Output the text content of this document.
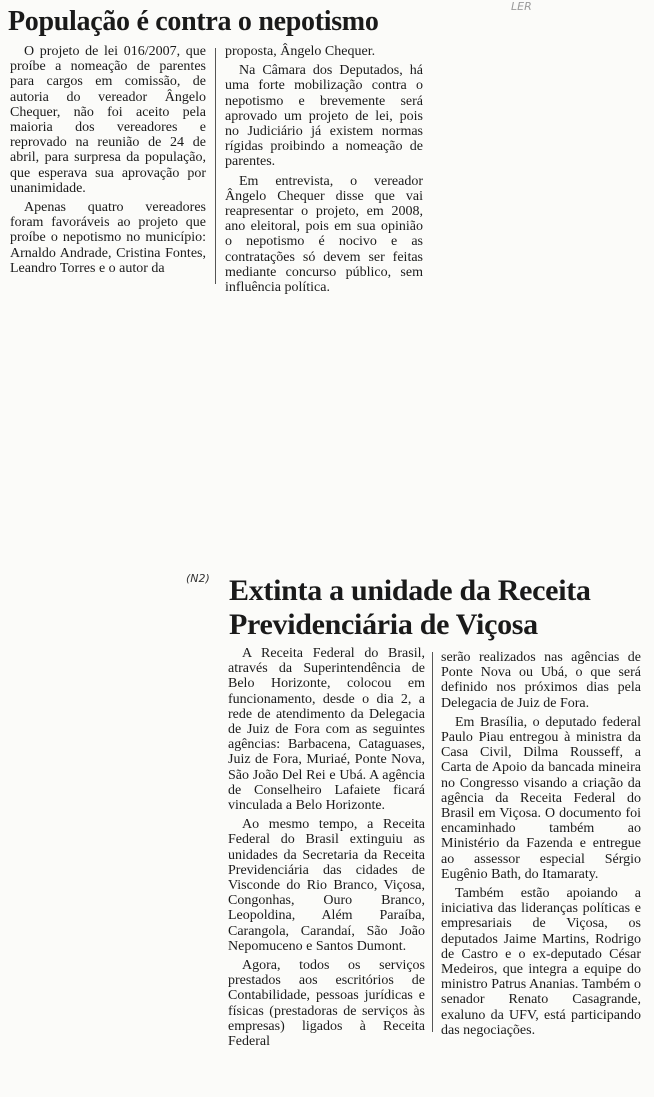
LER
População é contra o nepotismo

O projeto de lei 016/2007, que proíbe a nomeação de parentes para cargos em comissão, de autoria do vereador Ângelo Chequer, não foi aceito pela maioria dos vereadores e reprovado na reunião de 24 de abril, para surpresa da população, que esperava sua aprovação por unanimidade.

Apenas quatro vereadores foram favoráveis ao projeto que proíbe o nepotismo no município: Arnaldo Andrade, Cristina Fontes, Leandro Torres e o autor da

proposta, Ângelo Chequer.

Na Câmara dos Deputados, há uma forte mobilização contra o nepotismo e brevemente será aprovado um projeto de lei, pois no Judiciário já existem normas rígidas proibindo a nomeação de parentes.

Em entrevista, o vereador Ângelo Chequer disse que vai reapresentar o projeto, em 2008, ano eleitoral, pois em sua opinião o nepotismo é nocivo e as contratações só devem ser feitas mediante concurso público, sem influência política.

(N2) Extinta a unidade da Receita
Previdenciária de Viçosa

A Receita Federal do Brasil, através da Superintendência de Belo Horizonte, colocou em funcionamento, desde o dia 2, a rede de atendimento da Delegacia de Juiz de Fora com as seguintes agências: Barbacena, Cataguases, Juiz de Fora, Muriaé, Ponte Nova, São João Del Rei e Ubá. A agência de Conselheiro Lafaiete ficará vinculada a Belo Horizonte.

Ao mesmo tempo, a Receita Federal do Brasil extinguiu as unidades da Secretaria da Receita Previdenciária das cidades de Visconde do Rio Branco, Viçosa, Congonhas, Ouro Branco, Leopoldina, Além Paraíba, Carangola, Carandaí, São João Nepomuceno e Santos Dumont.

Agora, todos os serviços prestados aos escritórios de Contabilidade, pessoas jurídicas e físicas (prestadoras de serviços às empresas) ligados à Receita Federal

serão realizados nas agências de Ponte Nova ou Ubá, o que será definido nos próximos dias pela Delegacia de Juiz de Fora.

Em Brasília, o deputado federal Paulo Piau entregou à ministra da Casa Civil, Dilma Rousseff, a Carta de Apoio da bancada mineira no Congresso visando a criação da agência da Receita Federal do Brasil em Viçosa. O documento foi encaminhado também ao Ministério da Fazenda e entregue ao assessor especial Sérgio Eugênio Bath, do Itamaraty.

Também estão apoiando a iniciativa das lideranças políticas e empresariais de Viçosa, os deputados Jaime Martins, Rodrigo de Castro e o ex-deputado César Medeiros, que integra a equipe do ministro Patrus Ananias. Também o senador Renato Casagrande, exaluno da UFV, está participando das negociações.
